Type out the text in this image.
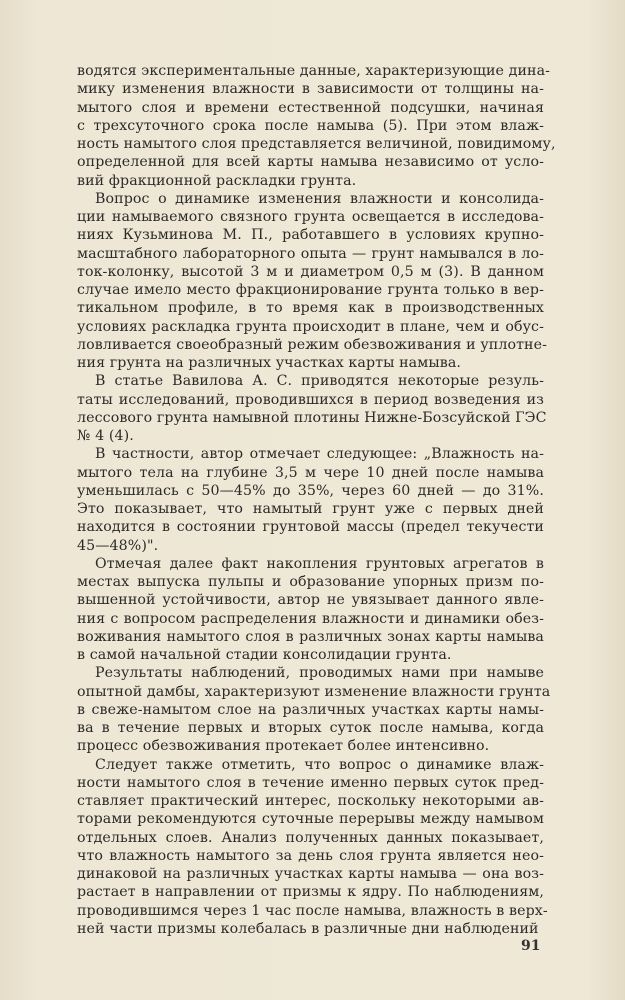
водятся экспериментальные данные, характеризующие дина-
мику изменения влажности в зависимости от толщины на-
мытого слоя и времени естественной подсушки, начиная
с трехсуточного срока после намыва (5). При этом влаж-
ность намытого слоя представляется величиной, повидимому,
определенной для всей карты намыва независимо от усло-
вий фракционной раскладки грунта.
Вопрос о динамике изменения влажности и консолида-
ции намываемого связного грунта освещается в исследова-
ниях Кузьминова М. П., работавшего в условиях крупно-
масштабного лабораторного опыта — грунт намывался в ло-
ток-колонку, высотой 3 м и диаметром 0,5 м (3). В данном
случае имело место фракционирование грунта только в вер-
тикальном профиле, в то время как в производственных
условиях раскладка грунта происходит в плане, чем и обус-
ловливается своеобразный режим обезвоживания и уплотне-
ния грунта на различных участках карты намыва.
В статье Вавилова А. С. приводятся некоторые резуль-
таты исследований, проводившихся в период возведения из
лессового грунта намывной плотины Нижне-Бозсуйской ГЭС
№ 4 (4).
В частности, автор отмечает следующее: „Влажность на-
мытого тела на глубине 3,5 м чере 10 дней после намыва
уменьшилась с 50—45% до 35%, через 60 дней — до 31%.
Это показывает, что намытый грунт уже с первых дней
находится в состоянии грунтовой массы (предел текучести
45—48%)".
Отмечая далее факт накопления грунтовых агрегатов в
местах выпуска пульпы и образование упорных призм по-
вышенной устойчивости, автор не увязывает данного явле-
ния с вопросом распределения влажности и динамики обез-
воживания намытого слоя в различных зонах карты намыва
в самой начальной стадии консолидации грунта.
Результаты наблюдений, проводимых нами при намыве
опытной дамбы, характеризуют изменение влажности грунта
в свеже-намытом слое на различных участках карты намы-
ва в течение первых и вторых суток после намыва, когда
процесс обезвоживания протекает более интенсивно.
Следует также отметить, что вопрос о динамике влаж-
ности намытого слоя в течение именно первых суток пред-
ставляет практический интерес, поскольку некоторыми ав-
торами рекомендуются суточные перерывы между намывом
отдельных слоев. Анализ полученных данных показывает,
что влажность намытого за день слоя грунта является нео-
динаковой на различных участках карты намыва — она воз-
растает в направлении от призмы к ядру. По наблюдениям,
проводившимся через 1 час после намыва, влажность в верх-
ней части призмы колебалась в различные дни наблюдений
91
